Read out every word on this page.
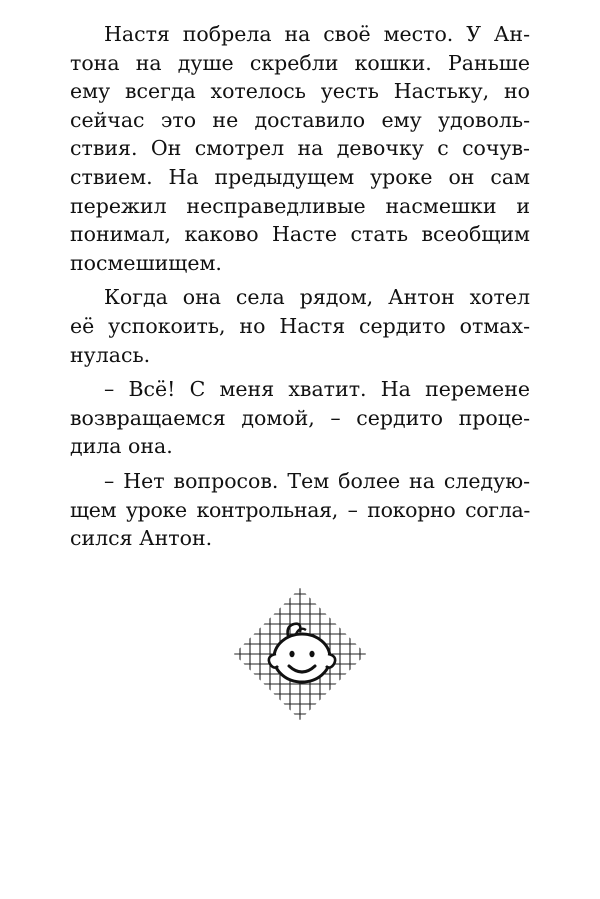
Настя побрела на своё место. У Ан-
тона на душе скребли кошки. Раньше
ему всегда хотелось уесть Настьку, но
сейчас это не доставило ему удоволь-
ствия. Он смотрел на девочку с сочув-
ствием. На предыдущем уроке он сам
пережил несправедливые насмешки и
понимал, каково Насте стать всеобщим
посмешищем.

Когда она села рядом, Антон хотел
её успокоить, но Настя сердито отмах-
нулась.

– Всё! С меня хватит. На перемене
возвращаемся домой, – сердито проце-
дила она.

– Нет вопросов. Тем более на следую-
щем уроке контрольная, – покорно согла-
сился Антон.
